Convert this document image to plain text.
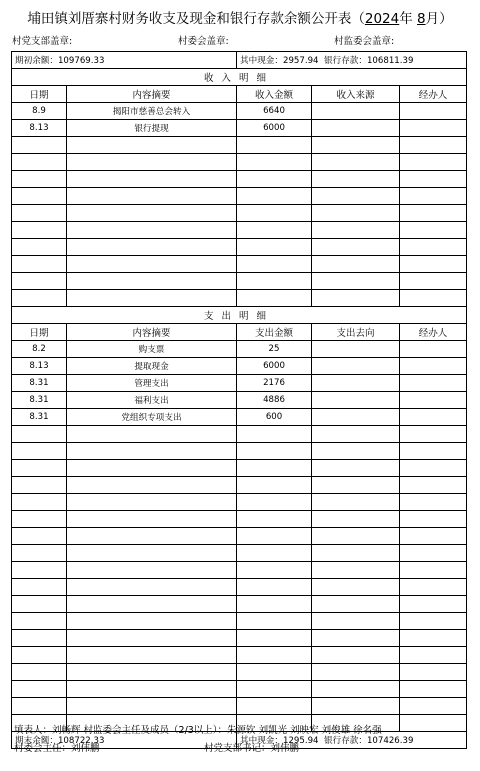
埔田镇刘厝寨村财务收支及现金和银行存款余额公开表（2024年 8月）
村党支部盖章:	村委会盖章:	村监委会盖章:
期初余额：109769.33		其中现金：2957.94 银行存款：106811.39		
收入明细				
日期	内容摘要	收入金额	收入来源	经办人
8.9	揭阳市慈善总会转入	6640		
8.13	银行提现	6000		

支出明细				
日期	内容摘要	支出金额	支出去向	经办人
8.2	购支票	25		
8.13	提取现金	6000		
8.31	管理支出	2176		
8.31	福利支出	4886		
8.31	党组织专项支出	600		

期末余额：108722.33		其中现金：1295.94 银行存款：107426.39		
填表人：刘畅辉 村监委会主任及成员（2/3以上）：朱源钦 刘凯光 刘映宏 刘俊雄 徐名强
村委会主任：刘伟鹏	村党支部书记：刘伟鹏
